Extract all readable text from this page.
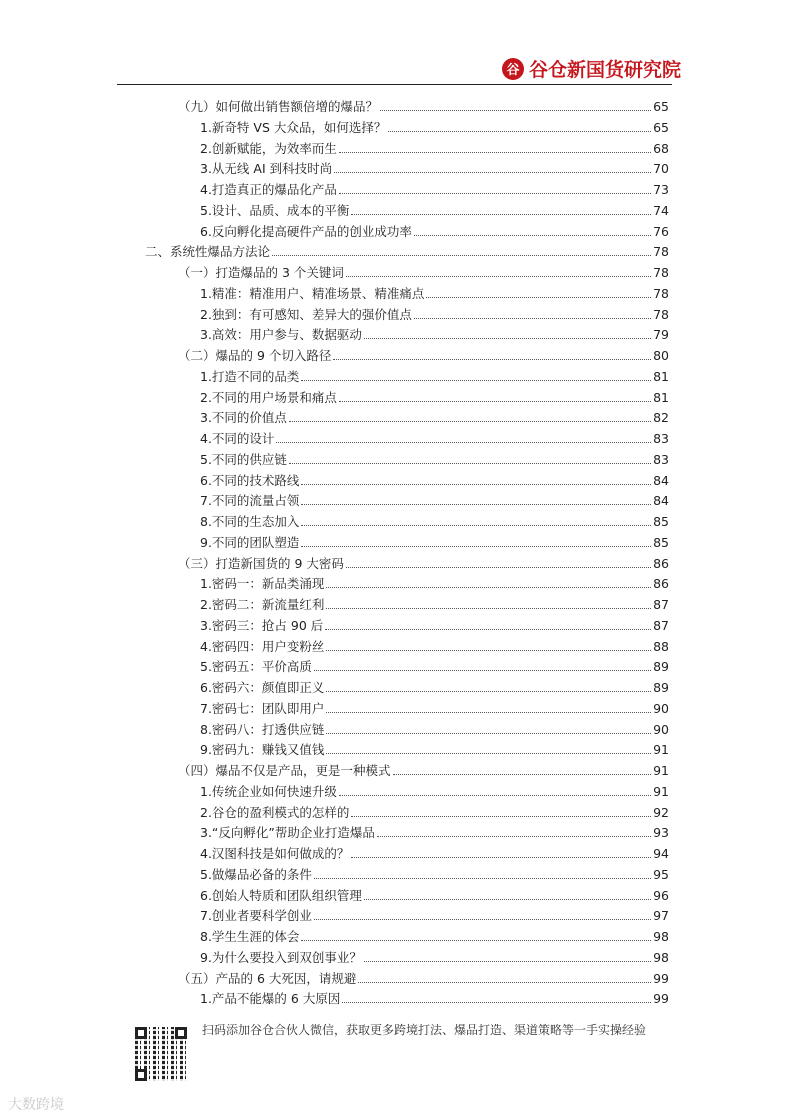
谷 谷仓新国货研究院
（九）如何做出销售额倍增的爆品？	65
1.新奇特 VS 大众品，如何选择？	65
2.创新赋能，为效率而生	68
3.从无线 AI 到科技时尚	70
4.打造真正的爆品化产品	73
5.设计、品质、成本的平衡	74
6.反向孵化提高硬件产品的创业成功率	76
二、系统性爆品方法论	78
（一）打造爆品的 3 个关键词	78
1.精准：精准用户、精准场景、精准痛点	78
2.独到：有可感知、差异大的强价值点	78
3.高效：用户参与、数据驱动	79
（二）爆品的 9 个切入路径	80
1.打造不同的品类	81
2.不同的用户场景和痛点	81
3.不同的价值点	82
4.不同的设计	83
5.不同的供应链	83
6.不同的技术路线	84
7.不同的流量占领	84
8.不同的生态加入	85
9.不同的团队塑造	85
（三）打造新国货的 9 大密码	86
1.密码一：新品类涌现	86
2.密码二：新流量红利	87
3.密码三：抢占 90 后	87
4.密码四：用户变粉丝	88
5.密码五：平价高质	89
6.密码六：颜值即正义	89
7.密码七：团队即用户	90
8.密码八：打透供应链	90
9.密码九：赚钱又值钱	91
（四）爆品不仅是产品，更是一种模式	91
1.传统企业如何快速升级	91
2.谷仓的盈利模式的怎样的	92
3.“反向孵化”帮助企业打造爆品	93
4.汉图科技是如何做成的？	94
5.做爆品必备的条件	95
6.创始人特质和团队组织管理	96
7.创业者要科学创业	97
8.学生生涯的体会	98
9.为什么要投入到双创事业？	98
（五）产品的 6 大死因，请规避	99
1.产品不能爆的 6 大原因	99
扫码添加谷仓合伙人微信，获取更多跨境打法、爆品打造、渠道策略等一手实操经验
大数跨境
